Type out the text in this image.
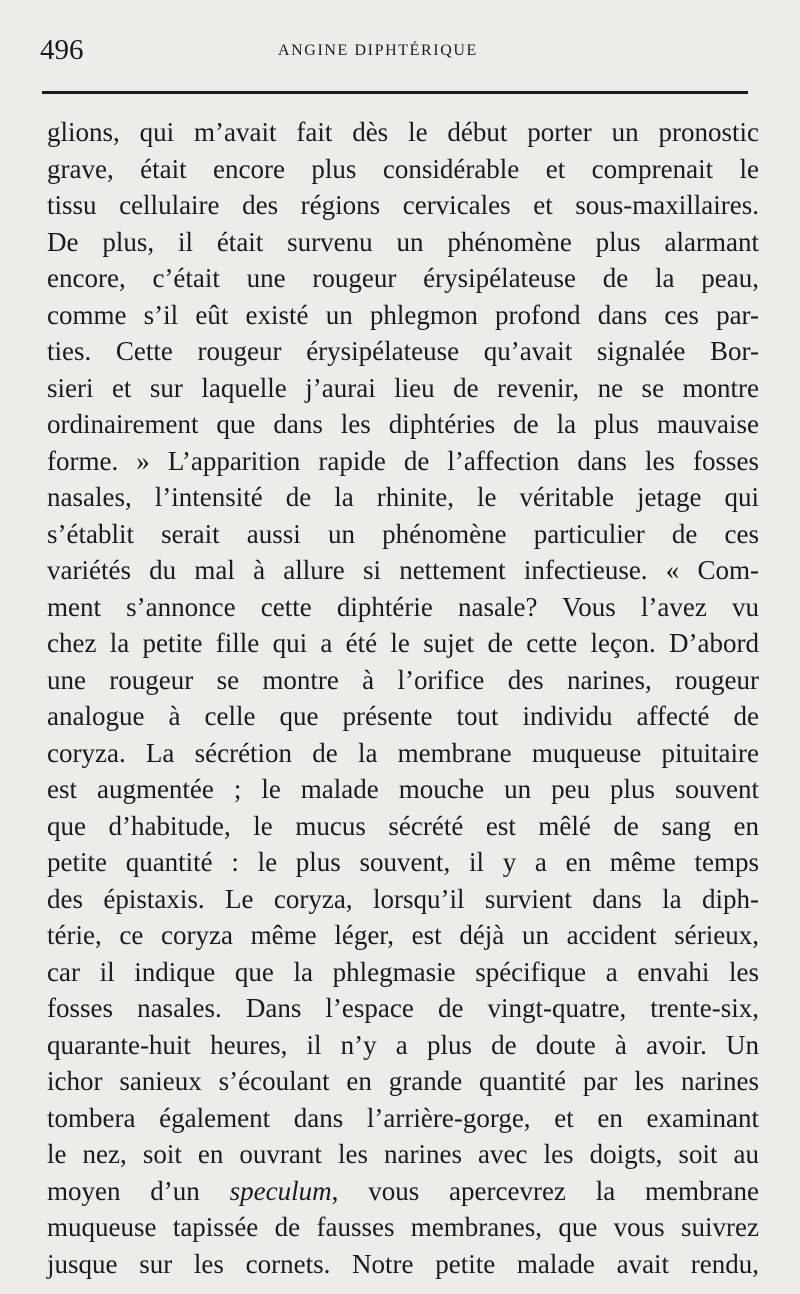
496	ANGINE DIPHTÉRIQUE
glions, qui m’avait fait dès le début porter un pronostic
grave, était encore plus considérable et comprenait le
tissu cellulaire des régions cervicales et sous-maxillaires.
De plus, il était survenu un phénomène plus alarmant
encore, c’était une rougeur érysipélateuse de la peau,
comme s’il eût existé un phlegmon profond dans ces par-
ties. Cette rougeur érysipélateuse qu’avait signalée Bor-
sieri et sur laquelle j’aurai lieu de revenir, ne se montre
ordinairement que dans les diphtéries de la plus mauvaise
forme. » L’apparition rapide de l’affection dans les fosses
nasales, l’intensité de la rhinite, le véritable jetage qui
s’établit serait aussi un phénomène particulier de ces
variétés du mal à allure si nettement infectieuse. « Com-
ment s’annonce cette diphtérie nasale? Vous l’avez vu
chez la petite fille qui a été le sujet de cette leçon. D’abord
une rougeur se montre à l’orifice des narines, rougeur
analogue à celle que présente tout individu affecté de
coryza. La sécrétion de la membrane muqueuse pituitaire
est augmentée ; le malade mouche un peu plus souvent
que d’habitude, le mucus sécrété est mêlé de sang en
petite quantité : le plus souvent, il y a en même temps
des épistaxis. Le coryza, lorsqu’il survient dans la diph-
térie, ce coryza même léger, est déjà un accident sérieux,
car il indique que la phlegmasie spécifique a envahi les
fosses nasales. Dans l’espace de vingt-quatre, trente-six,
quarante-huit heures, il n’y a plus de doute à avoir. Un
ichor sanieux s’écoulant en grande quantité par les narines
tombera également dans l’arrière-gorge, et en examinant
le nez, soit en ouvrant les narines avec les doigts, soit au
moyen d’un speculum, vous apercevrez la membrane
muqueuse tapissée de fausses membranes, que vous suivrez
jusque sur les cornets. Notre petite malade avait rendu,
